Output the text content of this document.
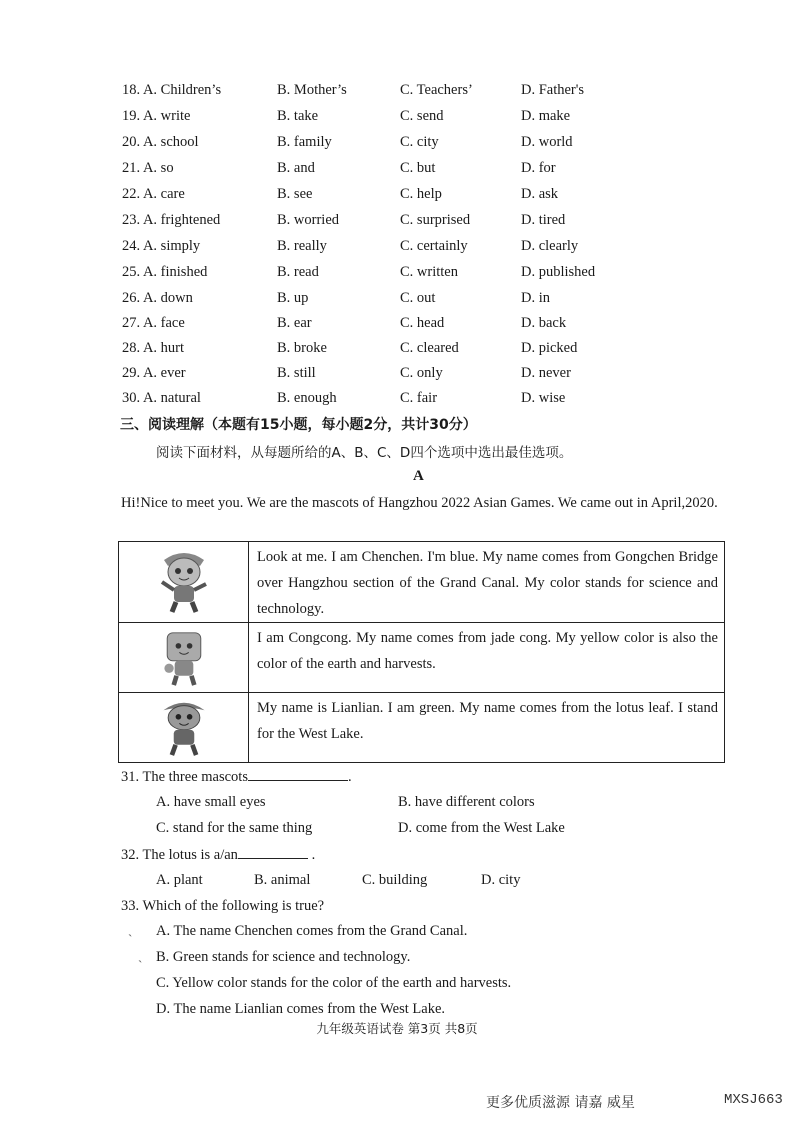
18. A. Children’s	B. Mother’s	C. Teachers’	D. Father's
19. A. write	B. take	C. send	D. make
20. A. school	B. family	C. city	D. world
21. A. so	B. and	C. but	D. for
22. A. care	B. see	C. help	D. ask
23. A. frightened	B. worried	C. surprised	D. tired
24. A. simply	B. really	C. certainly	D. clearly
25. A. finished	B. read	C. written	D. published
26. A. down	B. up	C. out	D. in
27. A. face	B. ear	C. head	D. back
28. A. hurt	B. broke	C. cleared	D. picked
29. A. ever	B. still	C. only	D. never
30. A. natural	B. enough	C. fair	D. wise
三、阅读理解（本题有15小题，每小题2分，共计30分）
阅读下面材料，从每题所给的A、B、C、D四个选项中选出最佳选项。
A
Hi!Nice to meet you. We are the mascots of Hangzhou 2022 Asian Games. We came out in April,2020.
	Look at me. I am Chenchen. I'm blue. My name comes from Gongchen Bridge over Hangzhou section of the Grand Canal. My color stands for science and technology.

	I am Congcong. My name comes from jade cong. My yellow color is also the color of the earth and harvests.

	My name is Lianlian. I am green. My name comes from the lotus leaf. I stand for the West Lake.
31. The three mascots	.
A. have small eyes	B. have different colors
C. stand for the same thing	D. come from the West Lake
32. The lotus is a/an	.
A. plant	B. animal	C. building	D. city
33. Which of the following is true?
ˎ
ˎ
A. The name Chenchen comes from the Grand Canal.
B. Green stands for science and technology.
C. Yellow color stands for the color of the earth and harvests.
D. The name Lianlian comes from the West Lake.
九年级英语试卷 第3页 共8页
更多优质滋源 请嘉 威星	MXSJ663
